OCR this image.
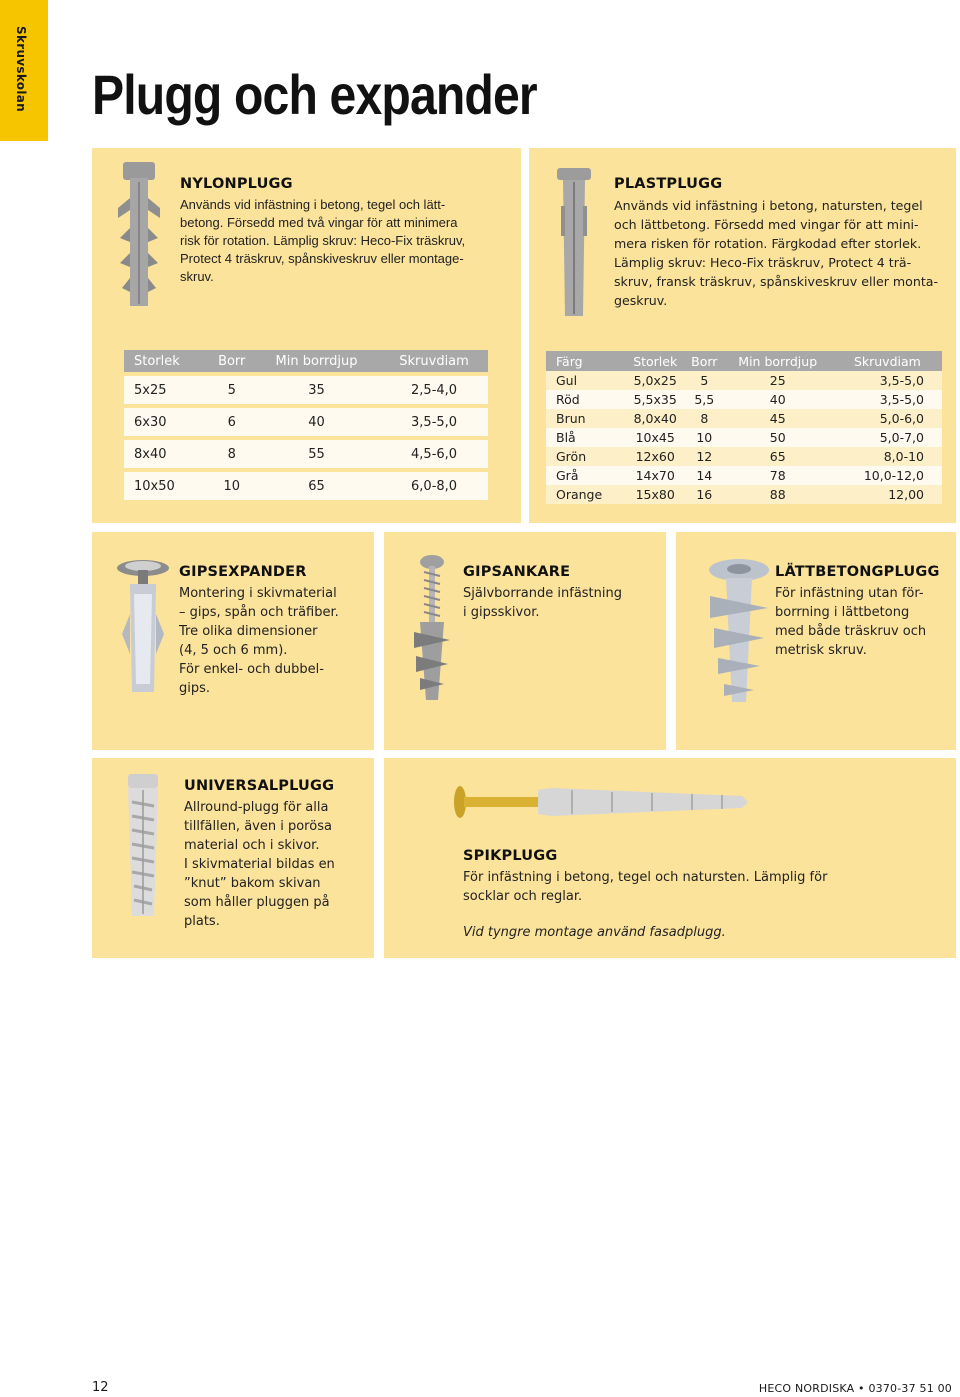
Skruvskolan Plugg och expander
NYLONPLUGG

Används vid infästning i betong, tegel och lätt-
betong. Försedd med två vingar för att minimera
risk för rotation. Lämplig skruv: Heco-Fix träskruv,
Protect 4 träskruv, spånskiveskruv eller montage-
skruv.

Storlek	Borr	Min borrdjup	Skruvdiam
5x25	5	35	2,5-4,0
6x30	6	40	3,5-5,0
8x40	8	55	4,5-6,0
10x50	10	65	6,0-8,0
PLASTPLUGG

Används vid infästning i betong, natursten, tegel
och lättbetong. Försedd med vingar för att mini-
mera risken för rotation. Färgkodad efter storlek.
Lämplig skruv: Heco-Fix träskruv, Protect 4 trä-
skruv, fransk träskruv, spånskiveskruv eller monta-
geskruv.

Färg	Storlek	Borr	Min borrdjup	Skruvdiam
Gul	5,0x25	5	25	3,5-5,0
Röd	5,5x35	5,5	40	3,5-5,0
Brun	8,0x40	8	45	5,0-6,0
Blå	10x45	10	50	5,0-7,0
Grön	12x60	12	65	8,0-10
Grå	14x70	14	78	10,0-12,0
Orange	15x80	16	88	12,00
GIPSEXPANDER

Montering i skivmaterial
– gips, spån och träfiber.
Tre olika dimensioner
(4, 5 och 6 mm).
För enkel- och dubbel-
gips.

GIPSANKARE

Självborrande infästning
i gipsskivor.

LÄTTBETONGPLUGG

För infästning utan för-
borrning i lättbetong
med både träskruv och
metrisk skruv.

UNIVERSALPLUGG

Allround-plugg för alla
tillfällen, även i porösa
material och i skivor.
I skivmaterial bildas en
”knut” bakom skivan
som håller pluggen på
plats.

SPIKPLUGG

För infästning i betong, tegel och natursten. Lämplig för
socklar och reglar.

Vid tyngre montage använd fasadplugg.

12	HECO NORDISKA • 0370-37 51 00
